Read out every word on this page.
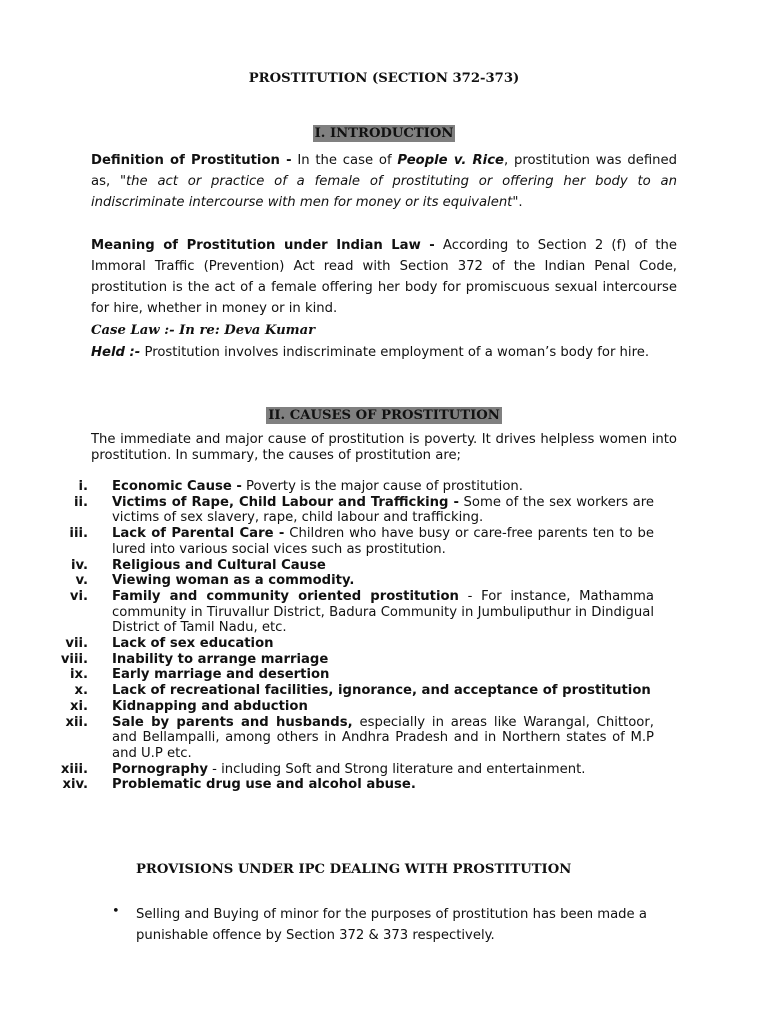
PROSTITUTION (SECTION 372-373)
I. INTRODUCTION

Definition of Prostitution - In the case of People v. Rice, prostitution was defined as, "the act or practice of a female of prostituting or offering her body to an indiscriminate intercourse with men for money or its equivalent".

Meaning of Prostitution under Indian Law - According to Section 2 (f) of the Immoral Traffic (Prevention) Act read with Section 372 of the Indian Penal Code, prostitution is the act of a female offering her body for promiscuous sexual intercourse for hire, whether in money or in kind.

Case Law :- In re: Deva Kumar

Held :- Prostitution involves indiscriminate employment of a woman’s body for hire.

II. CAUSES OF PROSTITUTION

The immediate and major cause of prostitution is poverty. It drives helpless women into prostitution. In summary, the causes of prostitution are;

i.	Economic Cause - Poverty is the major cause of prostitution.
ii.	Victims of Rape, Child Labour and Trafficking - Some of the sex workers are victims of sex slavery, rape, child labour and trafficking.
iii.	Lack of Parental Care - Children who have busy or care-free parents ten to be lured into various social vices such as prostitution.
iv.	Religious and Cultural Cause
v.	Viewing woman as a commodity.
vi.	Family and community oriented prostitution - For instance, Mathamma community in Tiruvallur District, Badura Community in Jumbuliputhur in Dindigual District of Tamil Nadu, etc.
vii.	Lack of sex education
viii.	Inability to arrange marriage
ix.	Early marriage and desertion
x.	Lack of recreational facilities, ignorance, and acceptance of prostitution
xi.	Kidnapping and abduction
xii.	Sale by parents and husbands, especially in areas like Warangal, Chittoor, and Bellampalli, among others in Andhra Pradesh and in Northern states of M.P and U.P etc.
xiii.	Pornography - including Soft and Strong literature and entertainment.
xiv.	Problematic drug use and alcohol abuse.
PROVISIONS UNDER IPC DEALING WITH PROSTITUTION
•	Selling and Buying of minor for the purposes of prostitution has been made a punishable offence by Section 372 & 373 respectively.
